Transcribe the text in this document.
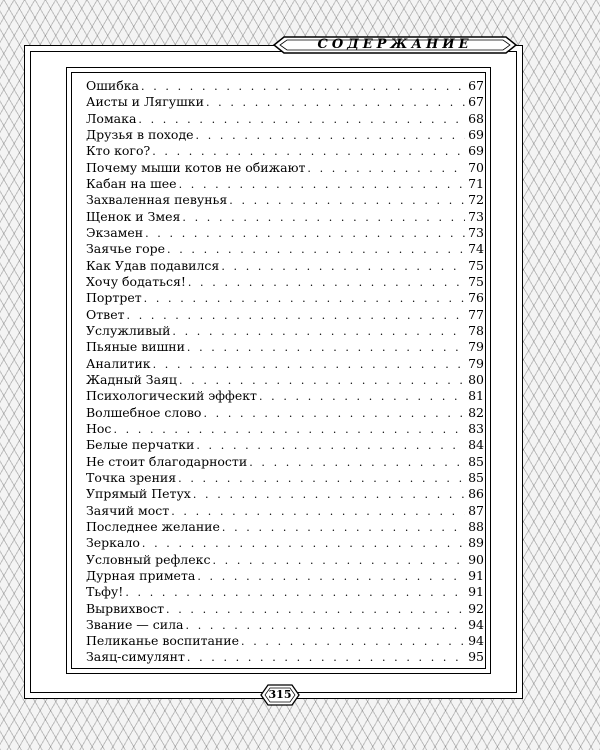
СОДЕРЖАНИЕ
Ошибка . . .	67
Аисты и Лягушки . . .	67
Ломака . . .	68
Друзья в походе . . .	69
Кто кого? . . .	69
Почему мыши котов не обижают . . .	70
Кабан на шее . . .	71
Захваленная певунья . . .	72
Щенок и Змея . . .	73
Экзамен . . .	73
Заячье горе . . .	74
Как Удав подавился . . .	75
Хочу бодаться! . . .	75
Портрет . . .	76
Ответ . . .	77
Услужливый . . .	78
Пьяные вишни . . .	79
Аналитик . . .	79
Жадный Заяц . . .	80
Психологический эффект . . .	81
Волшебное слово . . .	82
Нос . . .	83
Белые перчатки . . .	84
Не стоит благодарности . . .	85
Точка зрения . . .	85
Упрямый Петух . . .	86
Заячий мост . . .	87
Последнее желание . . .	88
Зеркало . . .	89
Условный рефлекс . . .	90
Дурная примета . . .	91
Тьфу! . . .	91
Вырвихвост . . .	92
Звание — сила . . .	94
Пеликанье воспитание . . .	94
Заяц-симулянт . . .	95
315
